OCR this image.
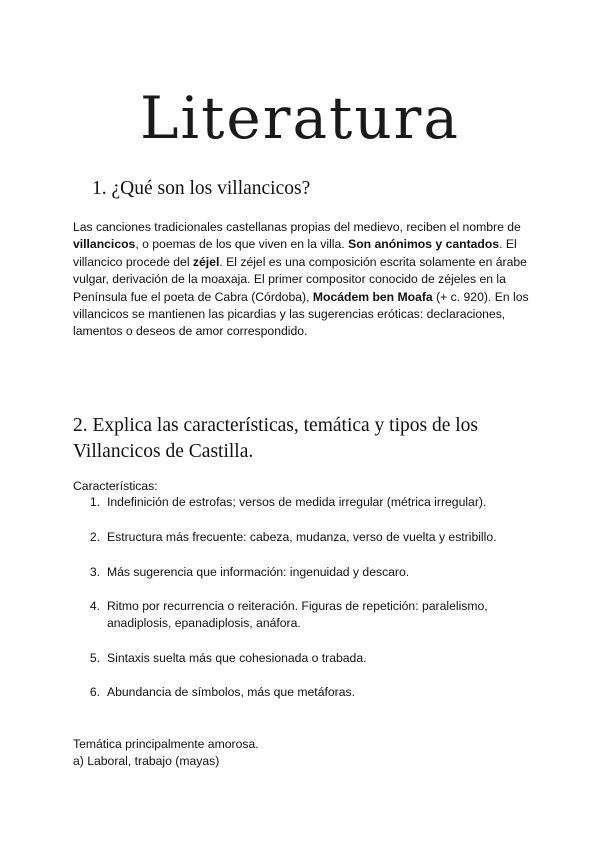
Literatura
1. ¿Qué son los villancicos?

Las canciones tradicionales castellanas propias del medievo, reciben el nombre de villancicos, o poemas de los que viven en la villa. Son anónimos y cantados. El villancico procede del zéjel. El zéjel es una composición escrita solamente en árabe vulgar, derivación de la moaxaja. El primer compositor conocido de zéjeles en la Península fue el poeta de Cabra (Córdoba), Mocádem ben Moafa (+ c. 920). En los villancicos se mantienen las picardias y las sugerencias eróticas: declaraciones, lamentos o deseos de amor correspondido.

2. Explica las características, temática y tipos de los Villancicos de Castilla.
Características:
1. Indefinición de estrofas; versos de medida irregular (métrica irregular).
2. Estructura más frecuente: cabeza, mudanza, verso de vuelta y estribillo.
3. Más sugerencia que información: ingenuidad y descaro.
4. Ritmo por recurrencia o reiteración. Figuras de repetición: paralelismo, anadiplosis, epanadiplosis, anáfora.
5. Sintaxis suelta más que cohesionada o trabada.
6. Abundancia de símbolos, más que metáforas.
Temática principalmente amorosa.
a) Laboral, trabajo (mayas)
